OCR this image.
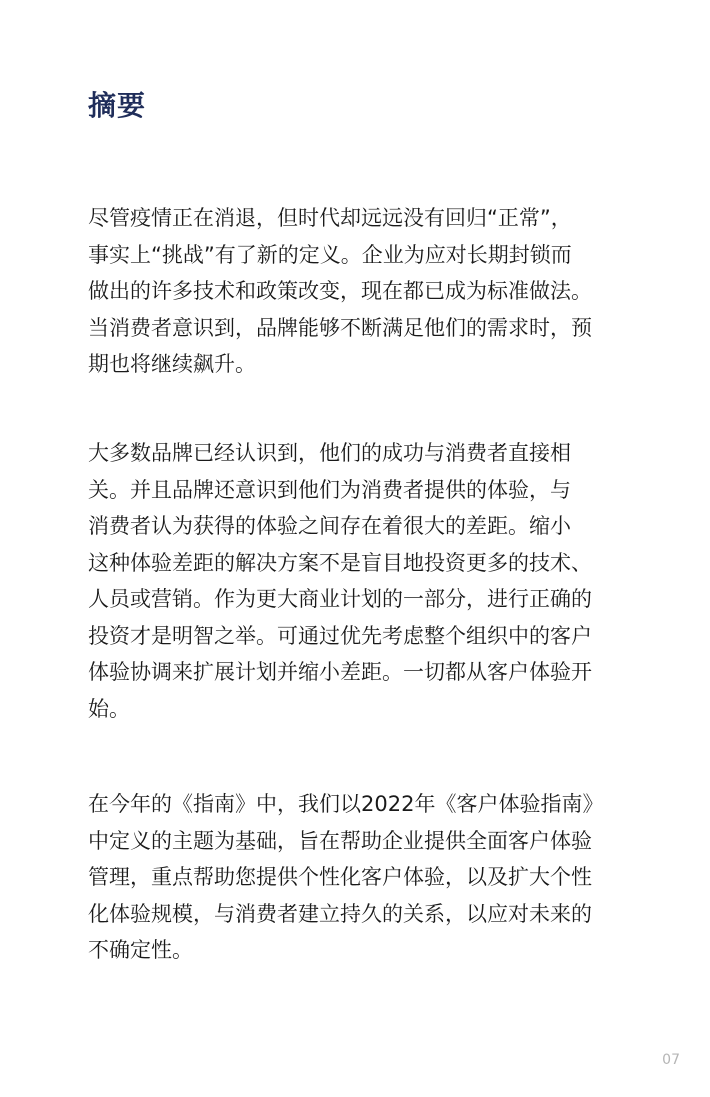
摘要

尽管疫情正在消退，但时代却远远没有回归“正常”，
事实上“挑战”有了新的定义。企业为应对长期封锁而
做出的许多技术和政策改变，现在都已成为标准做法。
当消费者意识到，品牌能够不断满足他们的需求时，预
期也将继续飙升。

大多数品牌已经认识到，他们的成功与消费者直接相
关。并且品牌还意识到他们为消费者提供的体验，与
消费者认为获得的体验之间存在着很大的差距。缩小
这种体验差距的解决方案不是盲目地投资更多的技术、
人员或营销。作为更大商业计划的一部分，进行正确的
投资才是明智之举。可通过优先考虑整个组织中的客户
体验协调来扩展计划并缩小差距。一切都从客户体验开
始。

在今年的《指南》中，我们以2022年《客户体验指南》
中定义的主题为基础，旨在帮助企业提供全面客户体验
管理，重点帮助您提供个性化客户体验，以及扩大个性
化体验规模，与消费者建立持久的关系，以应对未来的
不确定性。

07
